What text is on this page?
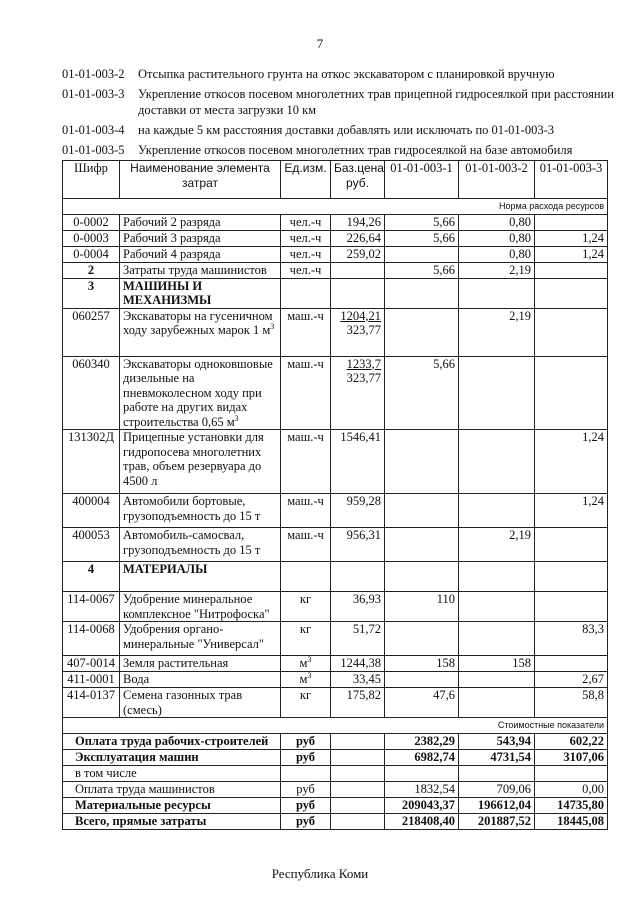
7
01-01-003-2	Отсыпка растительного грунта на откос экскаватором с планировкой вручную
01-01-003-3	Укрепление откосов посевом многолетних трав прицепной гидросеялкой при расстоянии доставки от места загрузки 10 км
01-01-003-4	на каждые 5 км расстояния доставки добавлять или исключать по 01-01-003-3
01-01-003-5	Укрепление откосов посевом многолетних трав гидросеялкой на базе автомобиля
Шифр	Наименование элемента затрат	Ед.изм.	Баз.цена руб.	01-01-003-1	01-01-003-2	01-01-003-3
Норма расхода ресурсов						
0-0002	Рабочий 2 разряда	чел.-ч	194,26	5,66	0,80	
0-0003	Рабочий 3 разряда	чел.-ч	226,64	5,66	0,80	1,24
0-0004	Рабочий 4 разряда	чел.-ч	259,02		0,80	1,24
2	Затраты труда машинистов	чел.-ч		5,66	2,19	
3	МАШИНЫ И МЕХАНИЗМЫ					
060257	Экскаваторы на гусеничном ходу зарубежных марок 1 $м^3$	маш.-ч	1204,21
323,77		2,19	
060340	Экскаваторы одноковшовые дизельные на пневмоколесном ходу при работе на других видах строительства 0,65 $м^3$	маш.-ч	1233,7
323,77	5,66		
131302Д	Прицепные установки для гидропосева многолетних трав, объем резервуара до 4500 л	маш.-ч	1546,41			1,24
400004	Автомобили бортовые, грузоподъемность до 15 т	маш.-ч	959,28			1,24
400053	Автомобиль-самосвал, грузоподъемность до 15 т	маш.-ч	956,31		2,19	
4	МАТЕРИАЛЫ					
114-0067	Удобрение минеральное комплексное "Нитрофоска"	кг	36,93	110		
114-0068	Удобрения органо-минеральные "Универсал"	кг	51,72			83,3
407-0014	Земля растительная	$м^3$	1244,38	158	158	
411-0001	Вода	$м^3$	33,45			2,67
414-0137	Семена газонных трав (смесь)	кг	175,82	47,6		58,8
Стоимостные показатели						
Оплата труда рабочих-строителей		руб		2382,29	543,94	602,22
Эксплуатация машин		руб		6982,74	4731,54	3107,06
в том числе						
Оплата труда машинистов		руб		1832,54	709,06	0,00
Материальные ресурсы		руб		209043,37	196612,04	14735,80
Всего, прямые затраты		руб		218408,40	201887,52	18445,08
Республика Коми
